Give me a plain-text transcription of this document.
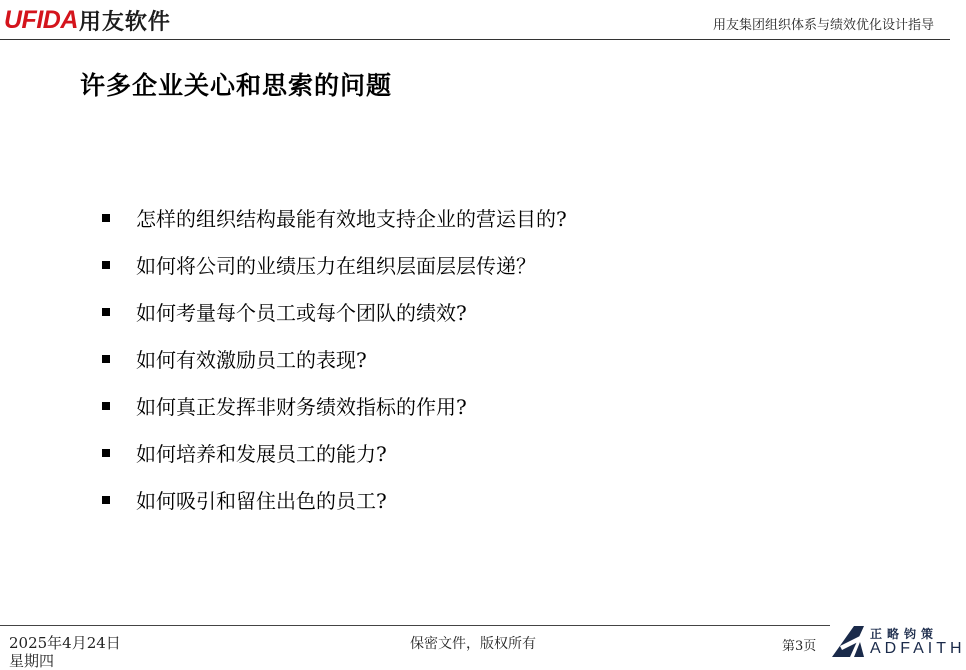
UFIDA 用友软件	用友集团组织体系与绩效优化设计指导
许多企业关心和思索的问题
怎样的组织结构最能有效地支持企业的营运目的?
如何将公司的业绩压力在组织层面层层传递？
如何考量每个员工或每个团队的绩效?
如何有效激励员工的表现?
如何真正发挥非财务绩效指标的作用?
如何培养和发展员工的能力?
如何吸引和留住出色的员工?
2025年4月24日
星期四
保密文件，版权所有	第3页
正略钧策
ADFAITH
